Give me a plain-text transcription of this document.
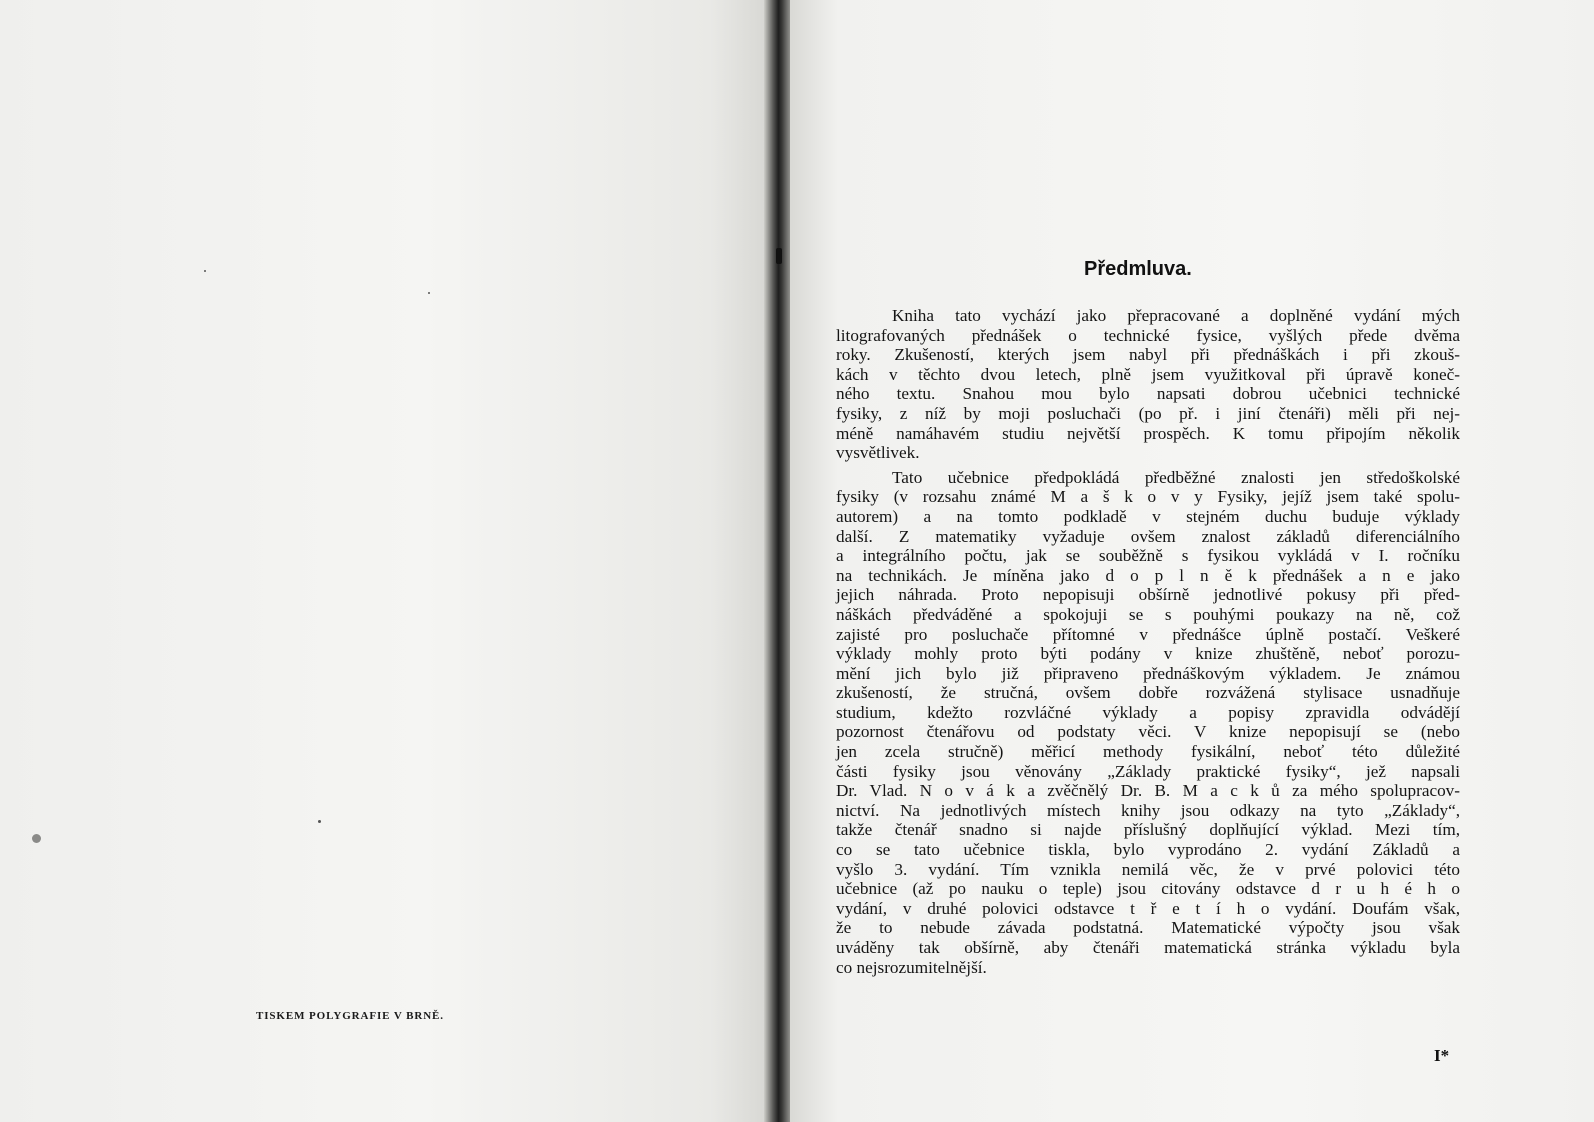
TISKEM POLYGRAFIE V BRNĚ.
Předmluva.
Kniha tato vychází jako přepracované a doplněné vydání mých
litografovaných přednášek o technické fysice, vyšlých přede dvěma
roky. Zkušeností, kterých jsem nabyl při přednáškách i při zkouš-
kách v těchto dvou letech, plně jsem využitkoval při úpravě koneč-
ného textu. Snahou mou bylo napsati dobrou učebnici technické
fysiky, z níž by moji posluchači (po př. i jiní čtenáři) měli při nej-
méně namáhavém studiu největší prospěch. K tomu připojím několik
vysvětlivek.
Tato učebnice předpokládá předběžné znalosti jen středoškolské
fysiky (v rozsahu známé M a š k o v y Fysiky, jejíž jsem také spolu-
autorem) a na tomto podkladě v stejném duchu buduje výklady
další. Z matematiky vyžaduje ovšem znalost základů diferenciálního
a integrálního počtu, jak se souběžně s fysikou vykládá v I. ročníku
na technikách. Je míněna jako d o p l n ě k přednášek a n e jako
jejich náhrada. Proto nepopisuji obšírně jednotlivé pokusy při před-
náškách předváděné a spokojuji se s pouhými poukazy na ně, což
zajisté pro posluchače přítomné v přednášce úplně postačí. Veškeré
výklady mohly proto býti podány v knize zhuštěně, neboť porozu-
mění jich bylo již připraveno přednáškovým výkladem. Je známou
zkušeností, že stručná, ovšem dobře rozvážená stylisace usnadňuje
studium, kdežto rozvláčné výklady a popisy zpravidla odvádějí
pozornost čtenářovu od podstaty věci. V knize nepopisují se (nebo
jen zcela stručně) měřicí methody fysikální, neboť této důležité
části fysiky jsou věnovány „Základy praktické fysiky“, jež napsali
Dr. Vlad. N o v á k a zvěčnělý Dr. B. M a c k ů za mého spolupracov-
nictví. Na jednotlivých místech knihy jsou odkazy na tyto „Základy“,
takže čtenář snadno si najde příslušný doplňující výklad. Mezi tím,
co se tato učebnice tiskla, bylo vyprodáno 2. vydání Základů a
vyšlo 3. vydání. Tím vznikla nemilá věc, že v prvé polovici této
učebnice (až po nauku o teple) jsou citovány odstavce d r u h é h o
vydání, v druhé polovici odstavce t ř e t í h o vydání. Doufám však,
že to nebude závada podstatná. Matematické výpočty jsou však
uváděny tak obšírně, aby čtenáři matematická stránka výkladu byla
co nejsrozumitelnější.
I*
